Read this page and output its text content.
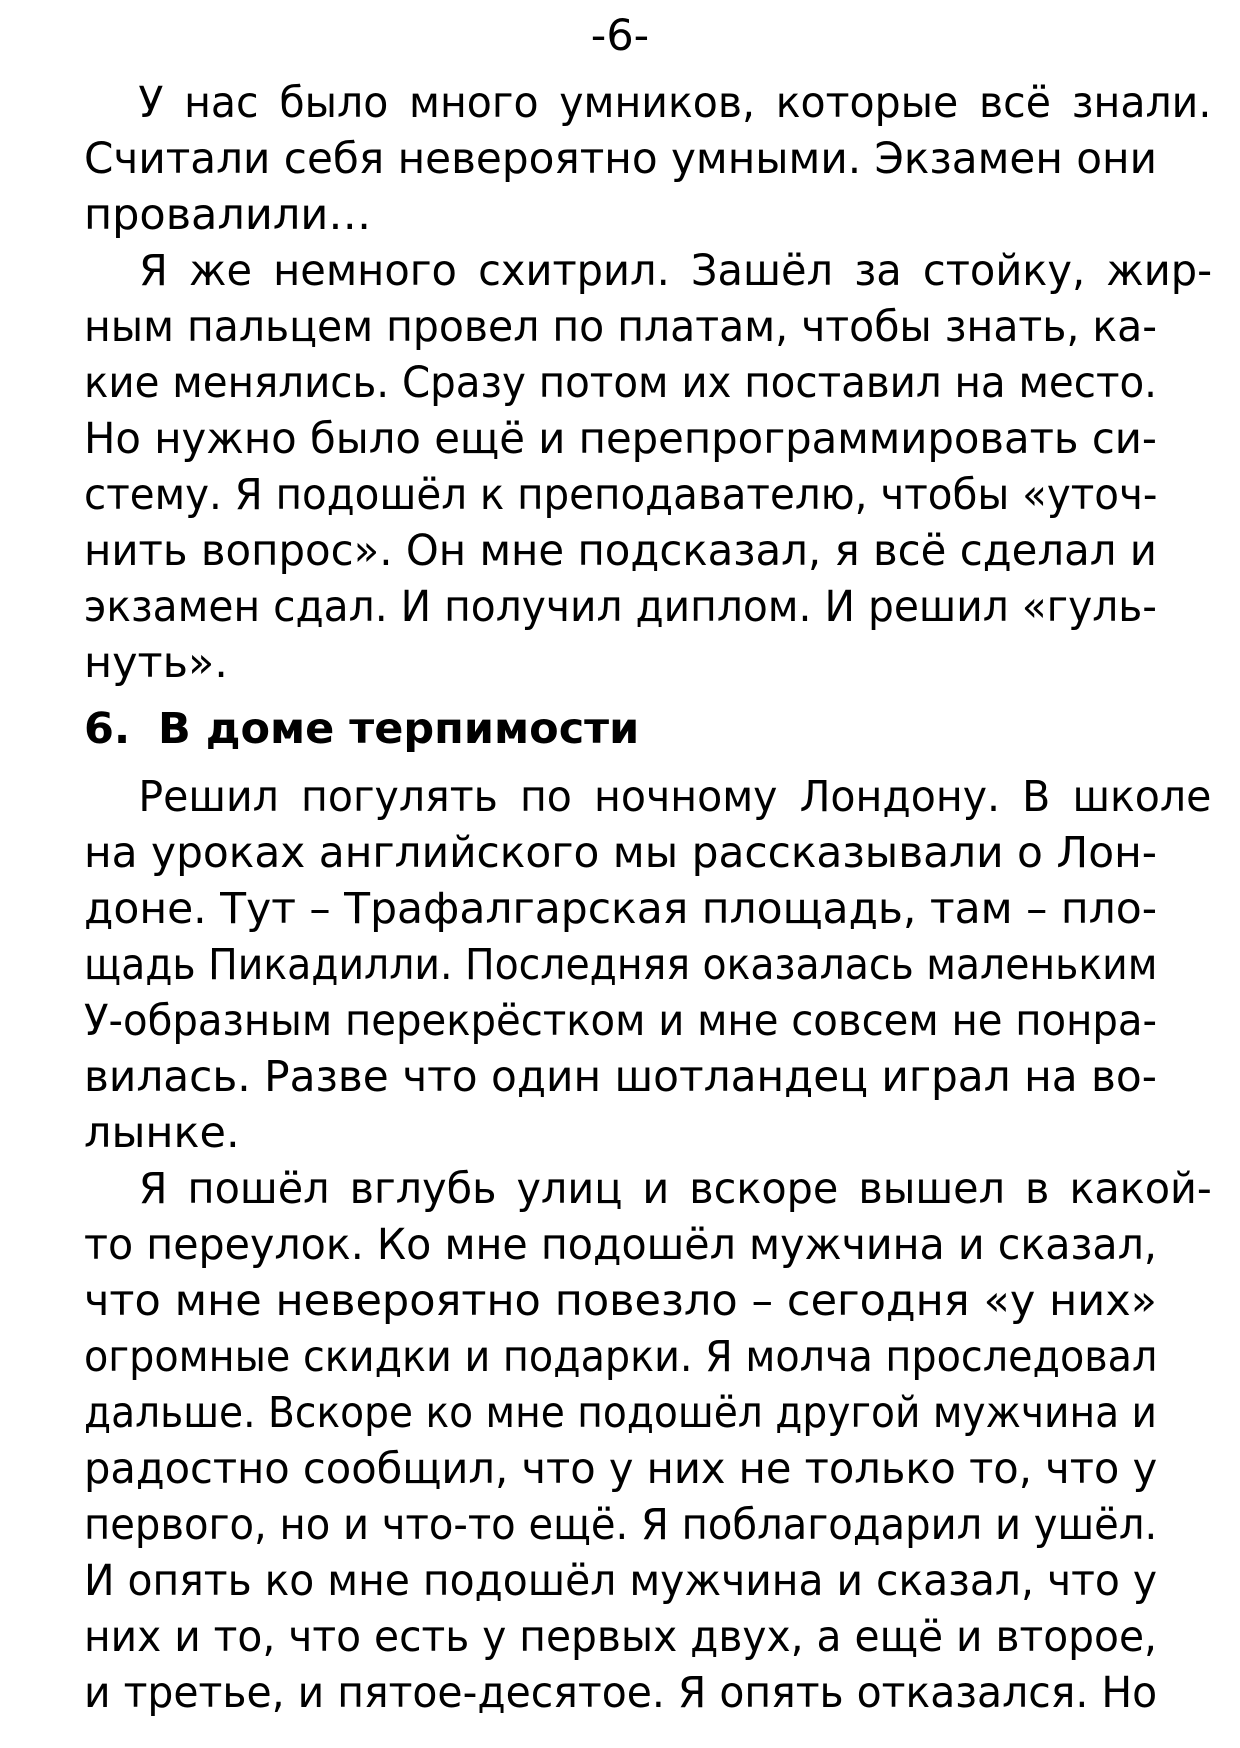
-6-
У нас было много умников, которые всё знали.
Считали себя невероятно умными. Экзамен они
провалили…
Я же немного схитрил. Зашёл за стойку, жир-
ным пальцем провел по платам, чтобы знать, ка-
кие менялись. Сразу потом их поставил на место.
Но нужно было ещё и перепрограммировать си-
стему. Я подошёл к преподавателю, чтобы «уточ-
нить вопрос». Он мне подсказал, я всё сделал и
экзамен сдал. И получил диплом. И решил «гуль-
нуть».
6. В доме терпимости
Решил погулять по ночному Лондону. В школе
на уроках английского мы рассказывали о Лон-
доне. Тут – Трафалгарская площадь, там – пло-
щадь Пикадилли. Последняя оказалась маленьким
У-образным перекрёстком и мне совсем не понра-
вилась. Разве что один шотландец играл на во-
лынке.
Я пошёл вглубь улиц и вскоре вышел в какой-
то переулок. Ко мне подошёл мужчина и сказал,
что мне невероятно повезло – сегодня «у них»
огромные скидки и подарки. Я молча проследовал
дальше. Вскоре ко мне подошёл другой мужчина и
радостно сообщил, что у них не только то, что у
первого, но и что-то ещё. Я поблагодарил и ушёл.
И опять ко мне подошёл мужчина и сказал, что у
них и то, что есть у первых двух, а ещё и второе,
и третье, и пятое-десятое. Я опять отказался. Но
